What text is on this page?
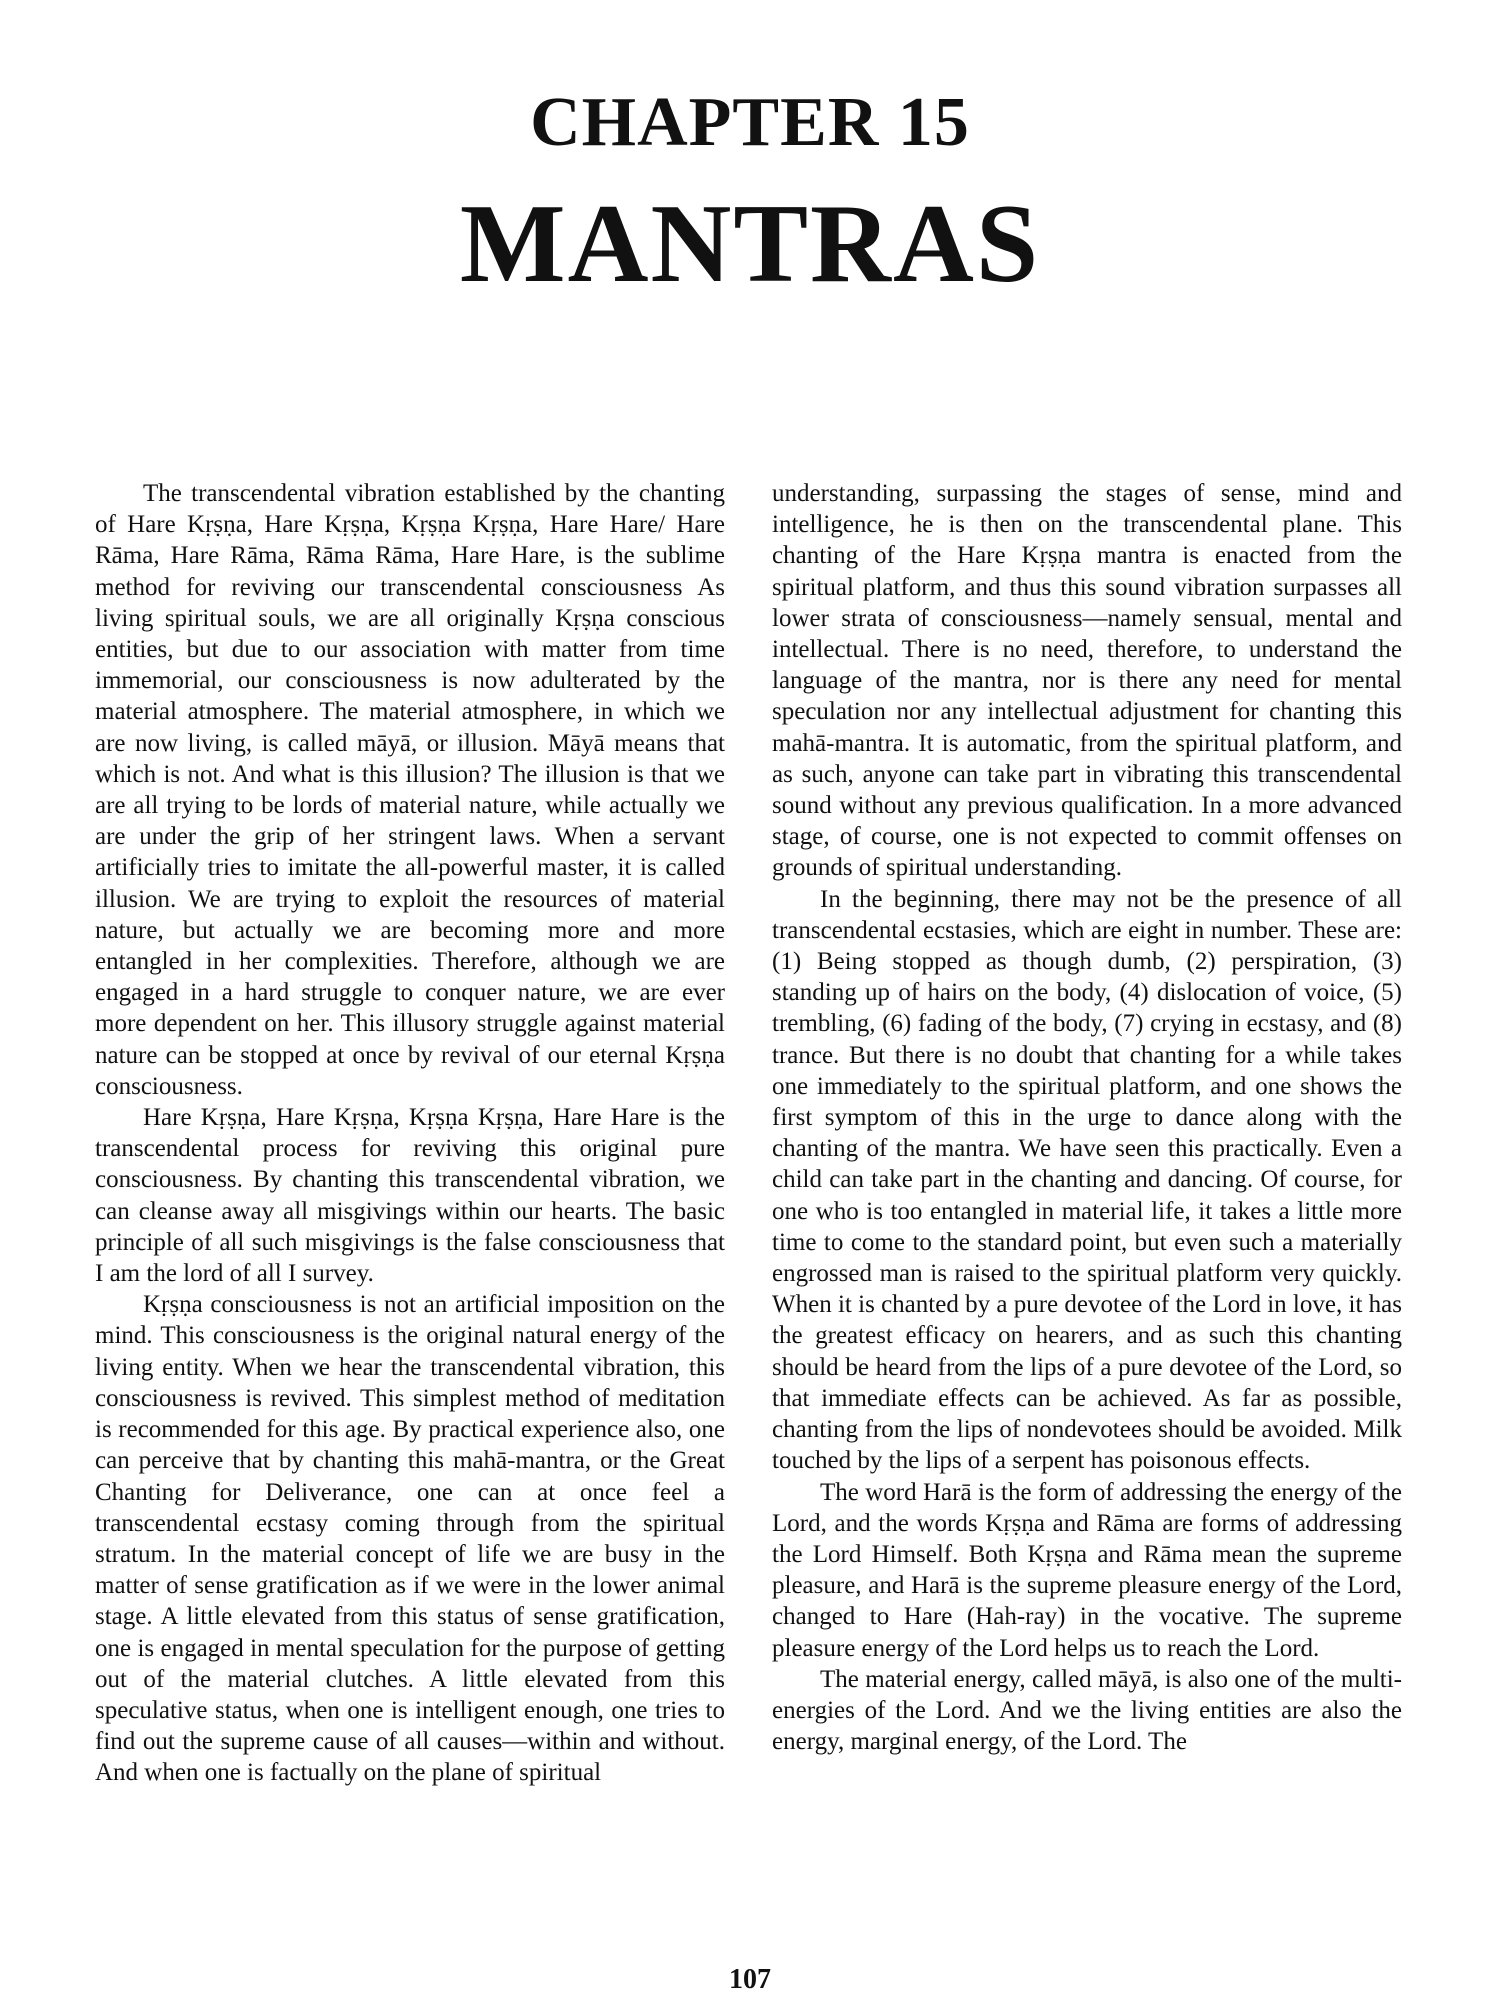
CHAPTER 15
MANTRAS

The transcendental vibration established by the chanting of Hare Kṛṣṇa, Hare Kṛṣṇa, Kṛṣṇa Kṛṣṇa, Hare Hare/ Hare Rāma, Hare Rāma, Rāma Rāma, Hare Hare, is the sublime method for reviving our transcendental consciousness As living spiritual souls, we are all originally Kṛṣṇa conscious entities, but due to our association with matter from time immemorial, our consciousness is now adulterated by the material atmosphere. The material atmosphere, in which we are now living, is called māyā, or illusion. Māyā means that which is not. And what is this illusion? The illusion is that we are all trying to be lords of material nature, while actually we are under the grip of her stringent laws. When a servant artificially tries to imitate the all-powerful master, it is called illusion. We are trying to exploit the resources of material nature, but actually we are becoming more and more entangled in her complexities. Therefore, although we are engaged in a hard struggle to conquer nature, we are ever more dependent on her. This illusory struggle against material nature can be stopped at once by revival of our eternal Kṛṣṇa consciousness.

Hare Kṛṣṇa, Hare Kṛṣṇa, Kṛṣṇa Kṛṣṇa, Hare Hare is the transcendental process for reviving this original pure consciousness. By chanting this transcendental vibration, we can cleanse away all misgivings within our hearts. The basic principle of all such misgivings is the false consciousness that I am the lord of all I survey.

Kṛṣṇa consciousness is not an artificial imposition on the mind. This consciousness is the original natural energy of the living entity. When we hear the transcendental vibration, this consciousness is revived. This simplest method of meditation is recommended for this age. By practical experience also, one can perceive that by chanting this mahā-mantra, or the Great Chanting for Deliverance, one can at once feel a transcendental ecstasy coming through from the spiritual stratum. In the material concept of life we are busy in the matter of sense gratification as if we were in the lower animal stage. A little elevated from this status of sense gratification, one is engaged in mental speculation for the purpose of getting out of the material clutches. A little elevated from this speculative status, when one is intelligent enough, one tries to find out the supreme cause of all causes—within and without. And when one is factually on the plane of spiritual

understanding, surpassing the stages of sense, mind and intelligence, he is then on the transcendental plane. This chanting of the Hare Kṛṣṇa mantra is enacted from the spiritual platform, and thus this sound vibration surpasses all lower strata of consciousness—namely sensual, mental and intellectual. There is no need, therefore, to understand the language of the mantra, nor is there any need for mental speculation nor any intellectual adjustment for chanting this mahā-mantra. It is automatic, from the spiritual platform, and as such, anyone can take part in vibrating this transcendental sound without any previous qualification. In a more advanced stage, of course, one is not expected to commit offenses on grounds of spiritual understanding.

In the beginning, there may not be the presence of all transcendental ecstasies, which are eight in number. These are: (1) Being stopped as though dumb, (2) perspiration, (3) standing up of hairs on the body, (4) dislocation of voice, (5) trembling, (6) fading of the body, (7) crying in ecstasy, and (8) trance. But there is no doubt that chanting for a while takes one immediately to the spiritual platform, and one shows the first symptom of this in the urge to dance along with the chanting of the mantra. We have seen this practically. Even a child can take part in the chanting and dancing. Of course, for one who is too entangled in material life, it takes a little more time to come to the standard point, but even such a materially engrossed man is raised to the spiritual platform very quickly. When it is chanted by a pure devotee of the Lord in love, it has the greatest efficacy on hearers, and as such this chanting should be heard from the lips of a pure devotee of the Lord, so that immediate effects can be achieved. As far as possible, chanting from the lips of nondevotees should be avoided. Milk touched by the lips of a serpent has poisonous effects.

The word Harā is the form of addressing the energy of the Lord, and the words Kṛṣṇa and Rāma are forms of addressing the Lord Himself. Both Kṛṣṇa and Rāma mean the supreme pleasure, and Harā is the supreme pleasure energy of the Lord, changed to Hare (Hah-ray) in the vocative. The supreme pleasure energy of the Lord helps us to reach the Lord.

The material energy, called māyā, is also one of the multi-energies of the Lord. And we the living entities are also the energy, marginal energy, of the Lord. The

107
